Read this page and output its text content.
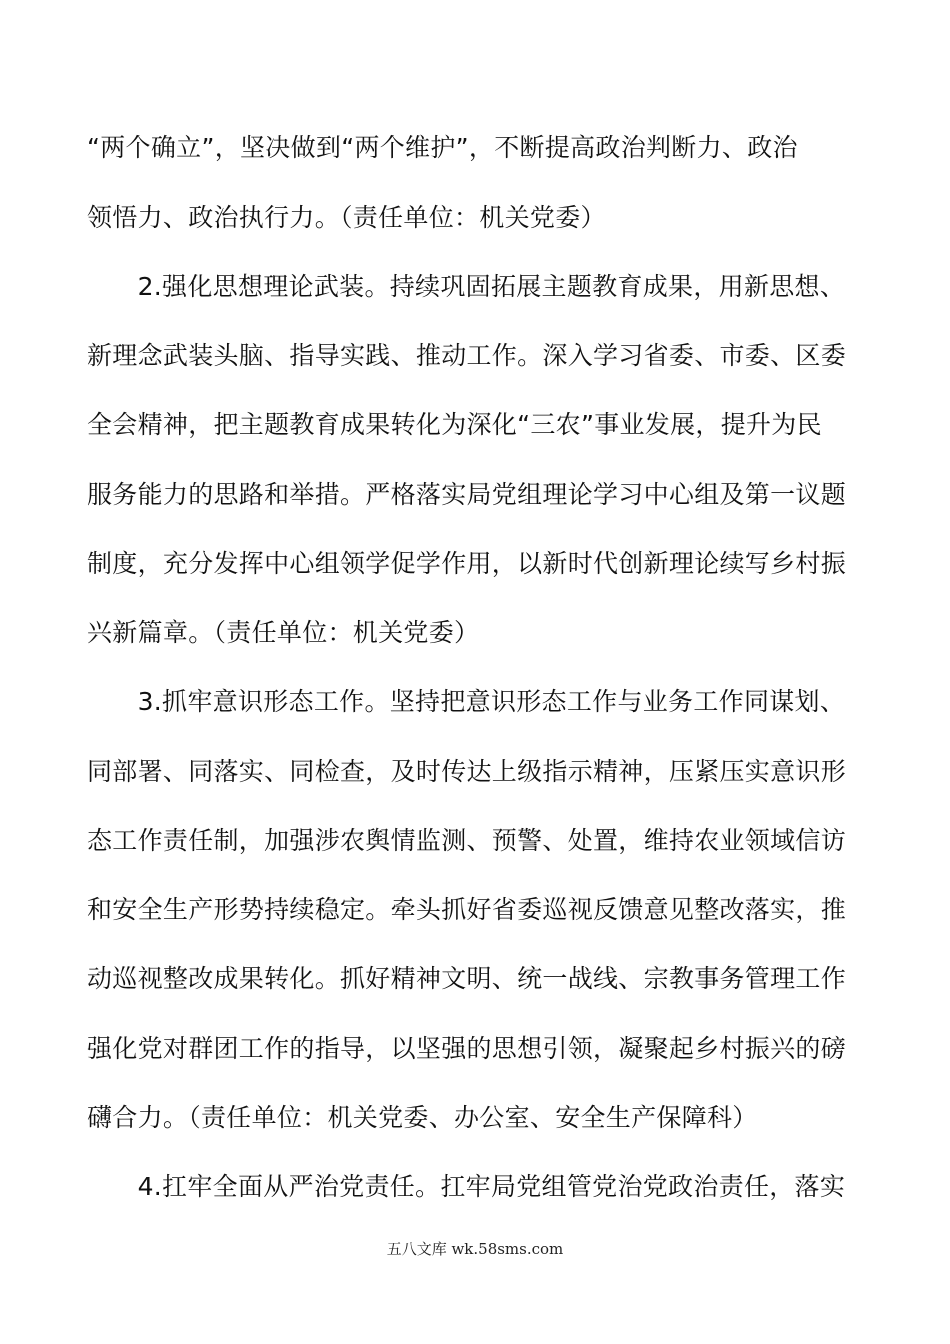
“两个确立”，坚决做到“两个维护”，不断提高政治判断力、政治
领悟力、政治执行力。（责任单位：机关党委）
　　2.强化思想理论武装。持续巩固拓展主题教育成果，用新思想、
新理念武装头脑、指导实践、推动工作。深入学习省委、市委、区委
全会精神，把主题教育成果转化为深化“三农”事业发展，提升为民
服务能力的思路和举措。严格落实局党组理论学习中心组及第一议题
制度，充分发挥中心组领学促学作用，以新时代创新理论续写乡村振
兴新篇章。（责任单位：机关党委）
　　3.抓牢意识形态工作。坚持把意识形态工作与业务工作同谋划、
同部署、同落实、同检查，及时传达上级指示精神，压紧压实意识形
态工作责任制，加强涉农舆情监测、预警、处置，维持农业领域信访
和安全生产形势持续稳定。牵头抓好省委巡视反馈意见整改落实，推
动巡视整改成果转化。抓好精神文明、统一战线、宗教事务管理工作
强化党对群团工作的指导，以坚强的思想引领，凝聚起乡村振兴的磅
礴合力。（责任单位：机关党委、办公室、安全生产保障科）
　　4.扛牢全面从严治党责任。扛牢局党组管党治党政治责任，落实
五八文库 wk.58sms.com
